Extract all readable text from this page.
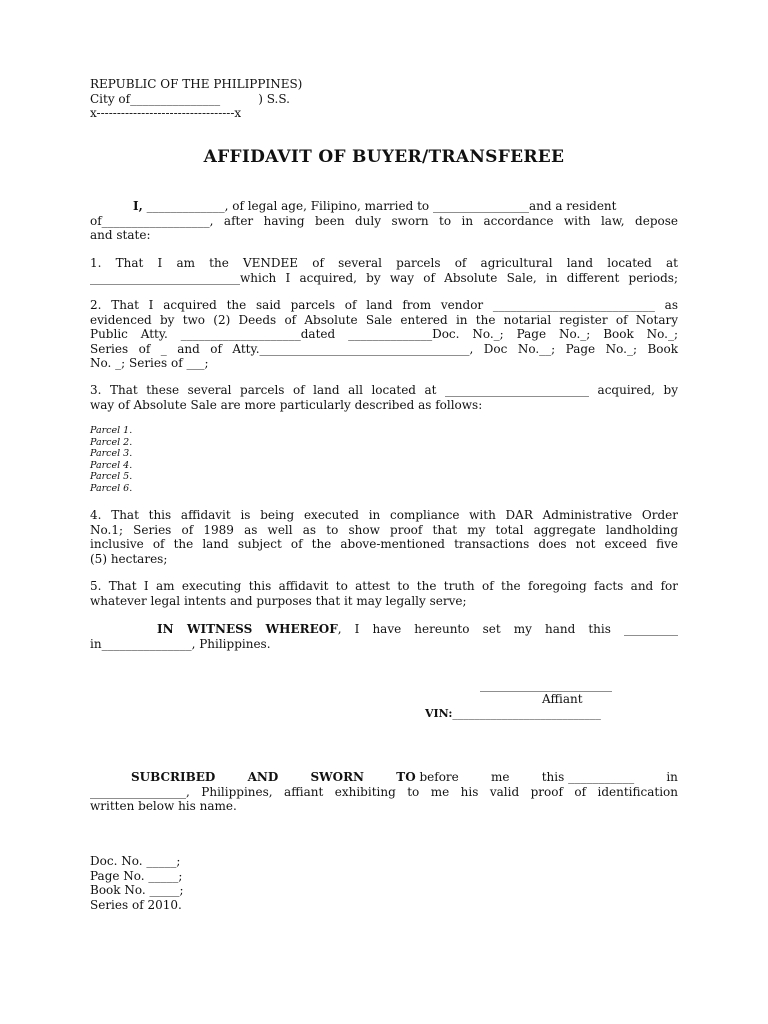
REPUBLIC OF THE PHILIPPINES)
City of_______________          ) S.S.
x----------------------------------x
AFFIDAVIT OF BUYER/TRANSFEREE
I, _____________, of legal age, Filipino, married to ________________and a resident
of__________________, after having been duly sworn to in accordance with law, depose
and state:
1. That I am the VENDEE of several parcels of agricultural land located at
_________________________which I acquired, by way of Absolute Sale, in different periods;
2. That I acquired the said parcels of land from vendor ___________________________ as
evidenced by two (2) Deeds of Absolute Sale entered in the notarial register of Notary
Public Atty. ____________________dated ______________Doc. No._; Page No._; Book No._;
Series of _ and of Atty.___________________________________, Doc No.__; Page No._; Book
No. _; Series of ___;
3. That these several parcels of land all located at ________________________ acquired, by
way of Absolute Sale are more particularly described as follows:
Parcel 1.
Parcel 2.
Parcel 3.
Parcel 4.
Parcel 5.
Parcel 6.
4. That this affidavit is being executed in compliance with DAR Administrative Order
No.1; Series of 1989 as well as to show proof that my total aggregate landholding
inclusive of the land subject of the above-mentioned transactions does not exceed five
(5) hectares;
5. That I am executing this affidavit to attest to the truth of the foregoing facts and for
whatever legal intents and purposes that it may legally serve;
IN WITNESS WHEREOF, I have hereunto set my hand this _________
in_______________, Philippines.
______________________
Affiant
VIN:___________________________
SUBCRIBED	AND	SWORN	TO before	me	this ___________	in
________________, Philippines, affiant exhibiting to me his valid proof of identification
written below his name.
Doc. No. _____;
Page No. _____;
Book No. _____;
Series of 2010.
